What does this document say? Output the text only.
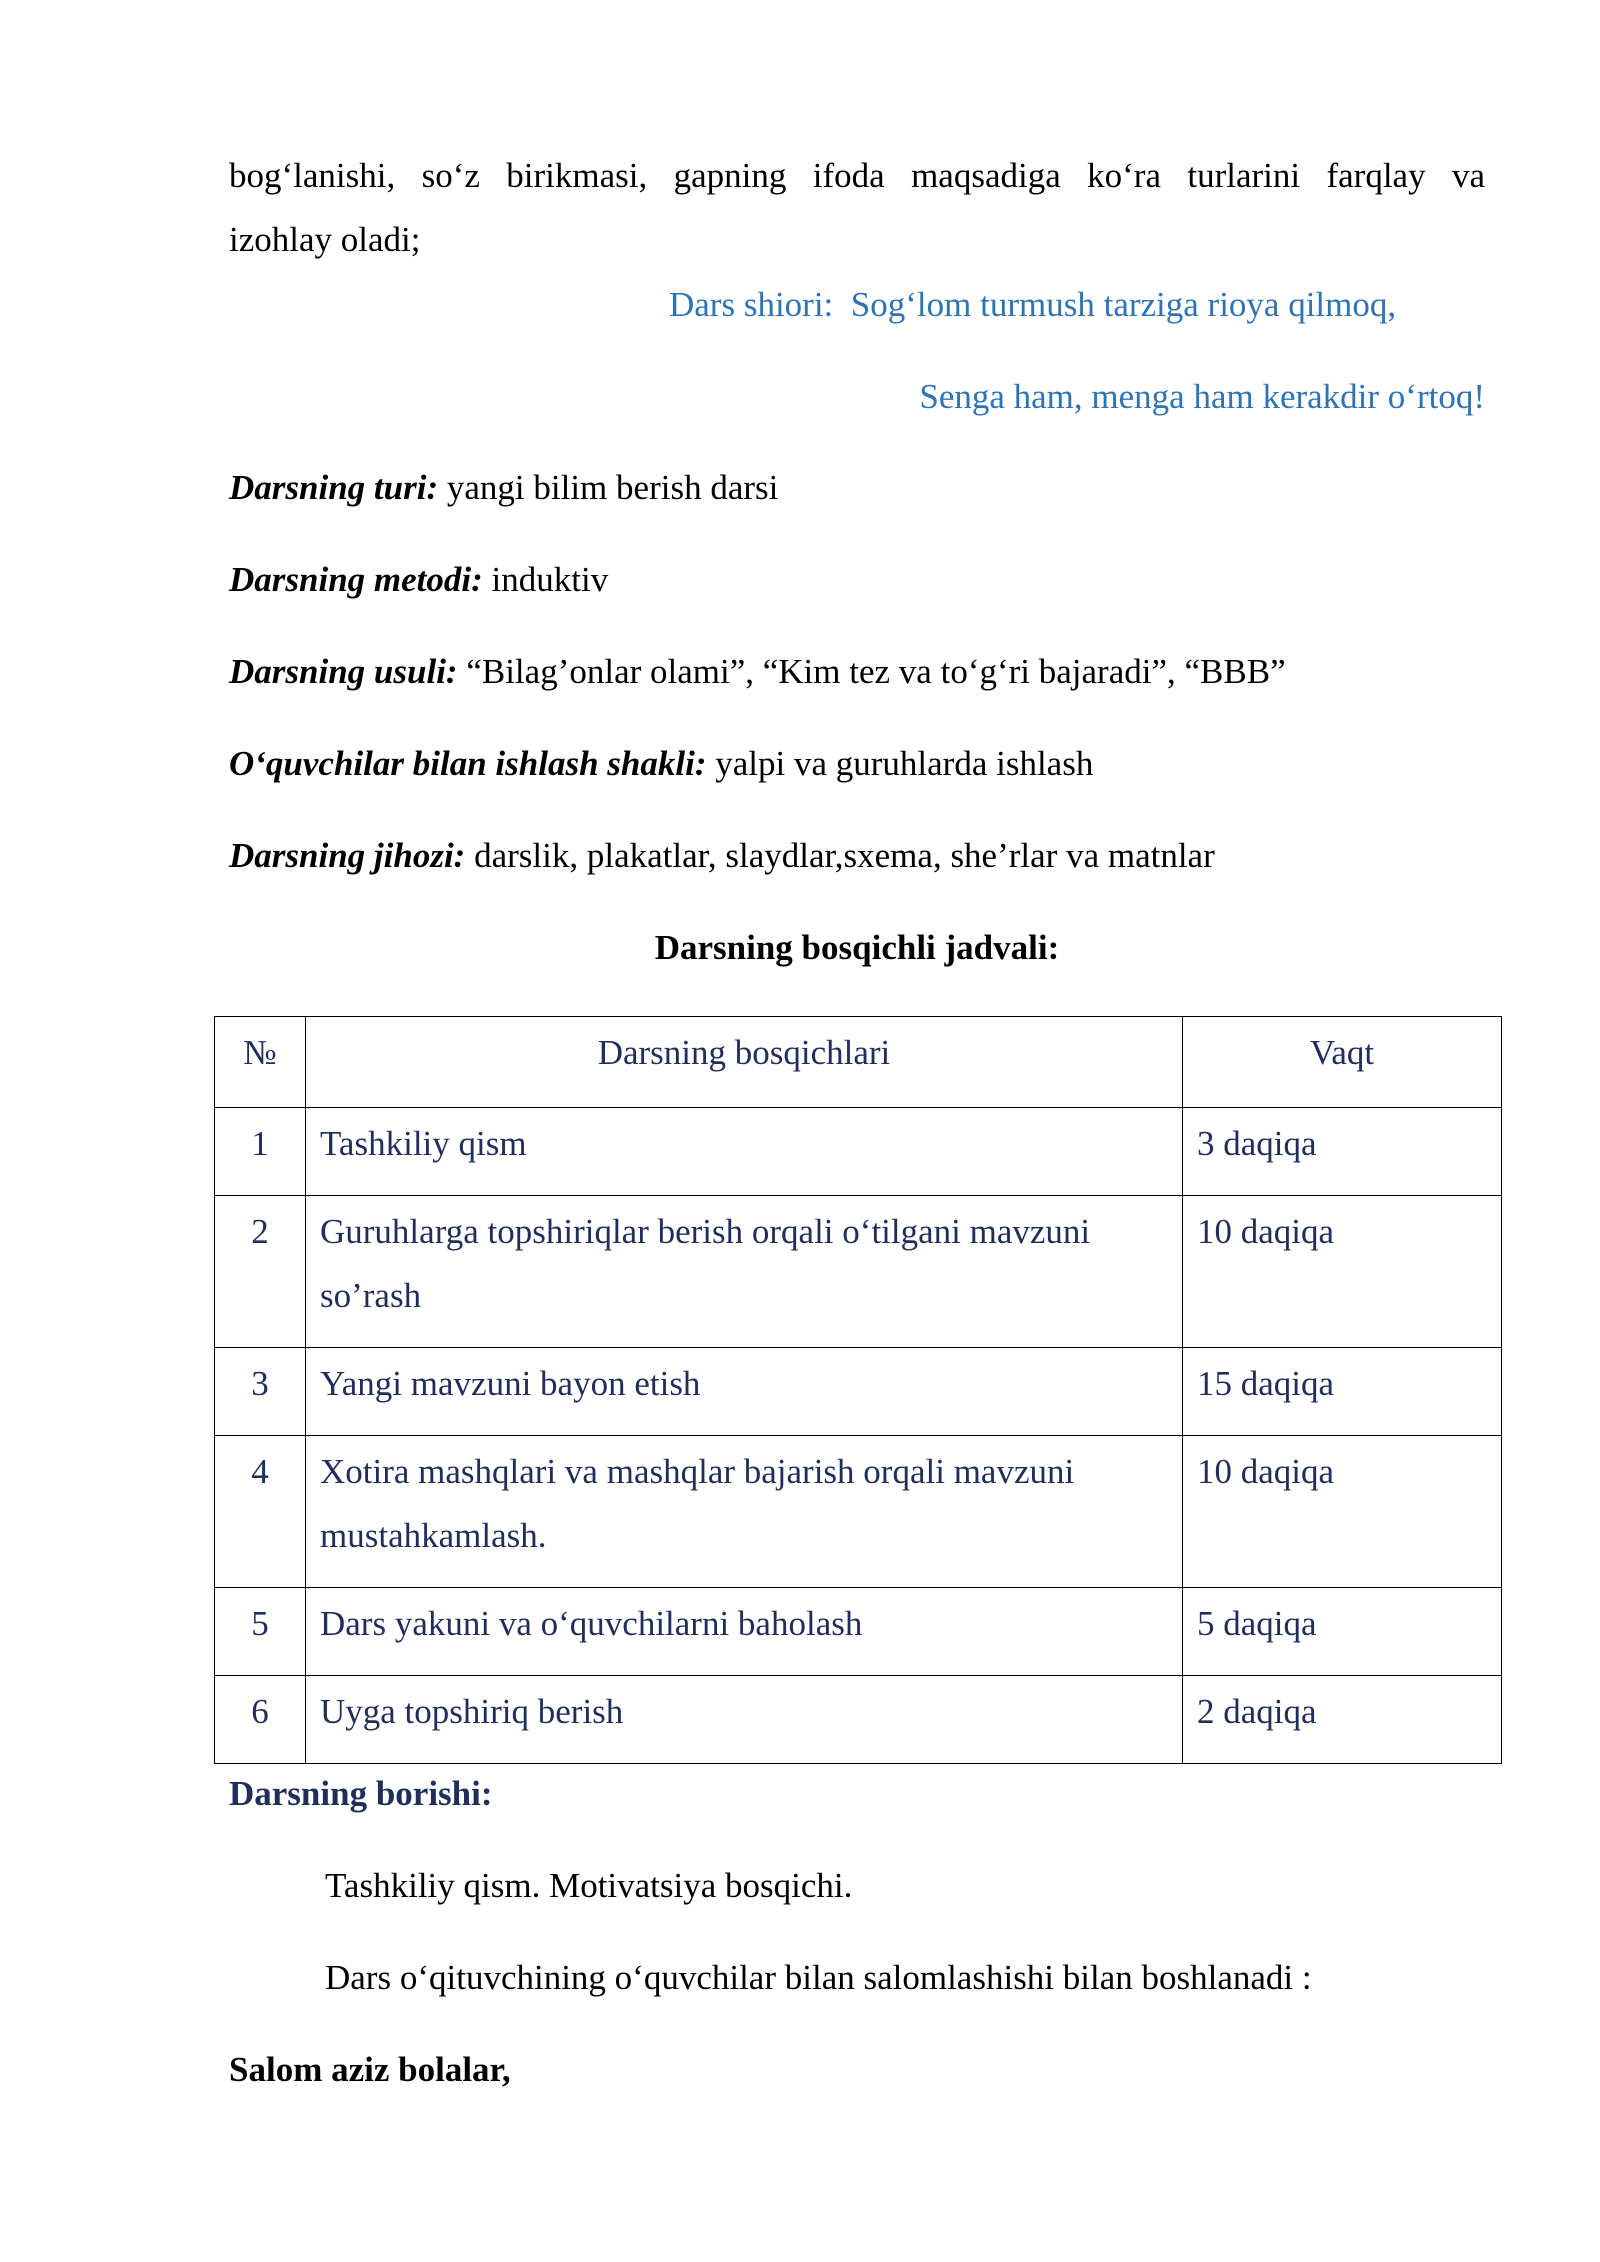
bog‘lanishi, so‘z birikmasi, gapning ifoda maqsadiga ko‘ra turlarini farqlay va
izohlay oladi;
Dars shiori: Sog‘lom turmush tarziga rioya qilmoq,
Senga ham, menga ham kerakdir o‘rtoq!
Darsning turi: yangi bilim berish darsi
Darsning metodi: induktiv
Darsning usuli: “Bilag’onlar olami”, “Kim tez va to‘g‘ri bajaradi”, “BBB”
O‘quvchilar bilan ishlash shakli: yalpi va guruhlarda ishlash
Darsning jihozi: darslik, plakatlar, slaydlar,sxema, she’rlar va matnlar
Darsning bosqichli jadvali:
№	Darsning bosqichlari	Vaqt

1	Tashkiliy qism	3 daqiqa

2	Guruhlarga topshiriqlar berish orqali o‘tilgani mavzuni so’rash	10 daqiqa

3	Yangi mavzuni bayon etish	15 daqiqa

4	Xotira mashqlari va mashqlar bajarish orqali mavzuni mustahkamlash.	10 daqiqa

5	Dars yakuni va o‘quvchilarni baholash	5 daqiqa

6	Uyga topshiriq berish	2 daqiqa
Darsning borishi:
Tashkiliy qism. Motivatsiya bosqichi.
Dars o‘qituvchining o‘quvchilar bilan salomlashishi bilan boshlanadi :
Salom aziz bolalar,
